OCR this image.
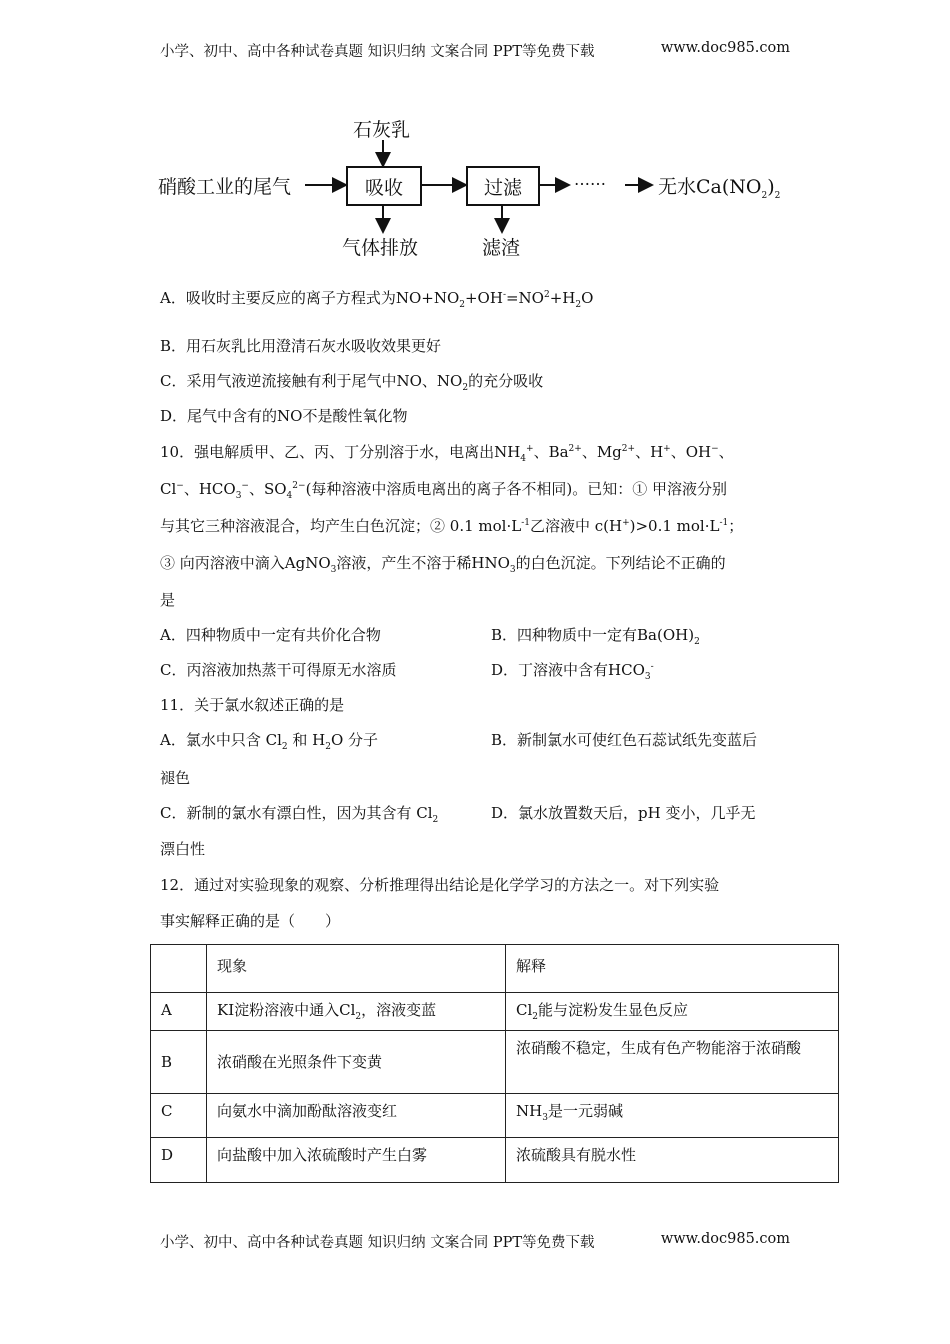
小学、初中、高中各种试卷真题 知识归纳 文案合同 PPT等免费下载	www.doc985.com
硝酸工业的尾气
石灰乳
吸收	过滤
气体排放	滤渣
……	无水$Ca(NO_2)_2$
A．吸收时主要反应的离子方程式为$NO+NO_2+OH^-=NO^2+H_2O$
B．用石灰乳比用澄清石灰水吸收效果更好
C．采用气液逆流接触有利于尾气中NO、$NO_2$的充分吸收
D．尾气中含有的NO不是酸性氧化物
10．强电解质甲、乙、丙、丁分别溶于水，电离出$NH_4^+$、$Ba^{2+}$、$Mg^{2+}$、H+、OH−、
Cl−、$HCO_3^-$、$SO_4^{2-}$(每种溶液中溶质电离出的离子各不相同)。已知：① 甲溶液分别
与其它三种溶液混合，均产生白色沉淀；② 0.1 $mol\cdot L^{-1}$乙溶液中 c(H+)>0.1 $mol\cdot L^{-1}$；
③ 向丙溶液中滴入AgNO$_3$溶液，产生不溶于稀$HNO_3$的白色沉淀。下列结论不正确的
是
A．四种物质中一定有共价化合物	B．四种物质中一定有$Ba(OH)_2$
C．丙溶液加热蒸干可得原无水溶质	D．丁溶液中含有$HCO_3^-$
11．关于氯水叙述正确的是
A．氯水中只含 $Cl_2$ 和 $H_2O$ 分子	B．新制氯水可使红色石蕊试纸先变蓝后
褪色
C．新制的氯水有漂白性，因为其含有 $Cl_2$	D．氯水放置数天后，pH 变小，几乎无
漂白性
12．通过对实验现象的观察、分析推理得出结论是化学学习的方法之一。对下列实验
事实解释正确的是（　　）
	现象	解释
A	KI淀粉溶液中通入$Cl_2$，溶液变蓝	$Cl_2$能与淀粉发生显色反应
B	浓硝酸在光照条件下变黄	浓硝酸不稳定，生成有色产物能溶于浓硝酸
C	向氨水中滴加酚酞溶液变红	$NH_3$是一元弱碱
D	向盐酸中加入浓硫酸时产生白雾	浓硫酸具有脱水性
小学、初中、高中各种试卷真题 知识归纳 文案合同 PPT等免费下载	www.doc985.com
